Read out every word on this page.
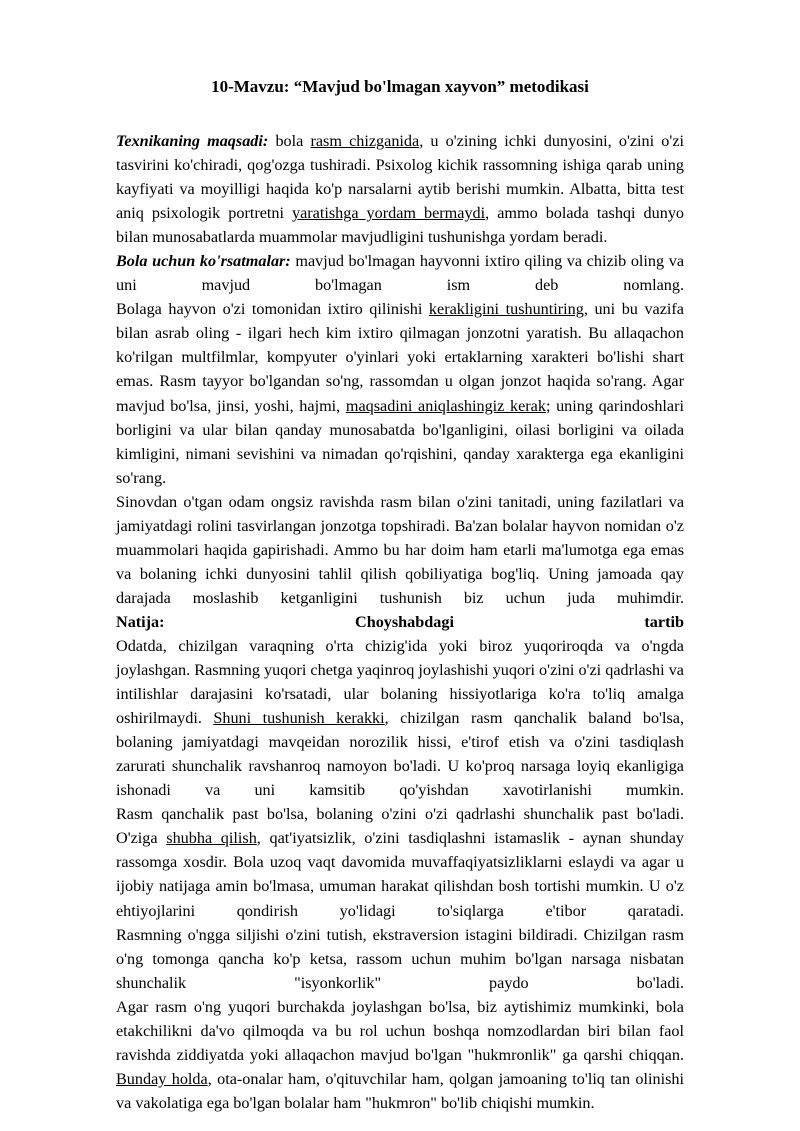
10-Mavzu: “Mavjud bo'lmagan xayvon” metodikasi

Texnikaning maqsadi: bola rasm chizganida, u o'zining ichki dunyosini, o'zini o'zi tasvirini ko'chiradi, qog'ozga tushiradi. Psixolog kichik rassomning ishiga qarab uning kayfiyati va moyilligi haqida ko'p narsalarni aytib berishi mumkin. Albatta, bitta test aniq psixologik portretni yaratishga yordam bermaydi, ammo bolada tashqi dunyo bilan munosabatlarda muammolar mavjudligini tushunishga yordam beradi.

Bola uchun ko'rsatmalar: mavjud bo'lmagan hayvonni ixtiro qiling va chizib oling va uni mavjud bo'lmagan ism deb nomlang.

Bolaga hayvon o'zi tomonidan ixtiro qilinishi kerakligini tushuntiring, uni bu vazifa bilan asrab oling - ilgari hech kim ixtiro qilmagan jonzotni yaratish. Bu allaqachon ko'rilgan multfilmlar, kompyuter o'yinlari yoki ertaklarning xarakteri bo'lishi shart emas. Rasm tayyor bo'lgandan so'ng, rassomdan u olgan jonzot haqida so'rang. Agar mavjud bo'lsa, jinsi, yoshi, hajmi, maqsadini aniqlashingiz kerak; uning qarindoshlari borligini va ular bilan qanday munosabatda bo'lganligini, oilasi borligini va oilada kimligini, nimani sevishini va nimadan qo'rqishini, qanday xarakterga ega ekanligini so'rang.

Sinovdan o'tgan odam ongsiz ravishda rasm bilan o'zini tanitadi, uning fazilatlari va jamiyatdagi rolini tasvirlangan jonzotga topshiradi. Ba'zan bolalar hayvon nomidan o'z muammolari haqida gapirishadi. Ammo bu har doim ham etarli ma'lumotga ega emas va bolaning ichki dunyosini tahlil qilish qobiliyatiga bog'liq. Uning jamoada qay darajada moslashib ketganligini tushunish biz uchun juda muhimdir.

Natija:	Choyshabdagi	tartib

Odatda, chizilgan varaqning o'rta chizig'ida yoki biroz yuqoriroqda va o'ngda joylashgan. Rasmning yuqori chetga yaqinroq joylashishi yuqori o'zini o'zi qadrlashi va intilishlar darajasini ko'rsatadi, ular bolaning hissiyotlariga ko'ra to'liq amalga oshirilmaydi. Shuni tushunish kerakki, chizilgan rasm qanchalik baland bo'lsa, bolaning jamiyatdagi mavqeidan norozilik hissi, e'tirof etish va o'zini tasdiqlash zarurati shunchalik ravshanroq namoyon bo'ladi. U ko'proq narsaga loyiq ekanligiga ishonadi va uni kamsitib qo'yishdan xavotirlanishi mumkin.

Rasm qanchalik past bo'lsa, bolaning o'zini o'zi qadrlashi shunchalik past bo'ladi. O'ziga shubha qilish, qat'iyatsizlik, o'zini tasdiqlashni istamaslik - aynan shunday rassomga xosdir. Bola uzoq vaqt davomida muvaffaqiyatsizliklarni eslaydi va agar u ijobiy natijaga amin bo'lmasa, umuman harakat qilishdan bosh tortishi mumkin. U o'z ehtiyojlarini qondirish yo'lidagi to'siqlarga e'tibor qaratadi.

Rasmning o'ngga siljishi o'zini tutish, ekstraversion istagini bildiradi. Chizilgan rasm o'ng tomonga qancha ko'p ketsa, rassom uchun muhim bo'lgan narsaga nisbatan shunchalik "isyonkorlik" paydo bo'ladi.

Agar rasm o'ng yuqori burchakda joylashgan bo'lsa, biz aytishimiz mumkinki, bola etakchilikni da'vo qilmoqda va bu rol uchun boshqa nomzodlardan biri bilan faol ravishda ziddiyatda yoki allaqachon mavjud bo'lgan "hukmronlik" ga qarshi chiqqan. Bunday holda, ota-onalar ham, o'qituvchilar ham, qolgan jamoaning to'liq tan olinishi va vakolatiga ega bo'lgan bolalar ham "hukmron" bo'lib chiqishi mumkin.
